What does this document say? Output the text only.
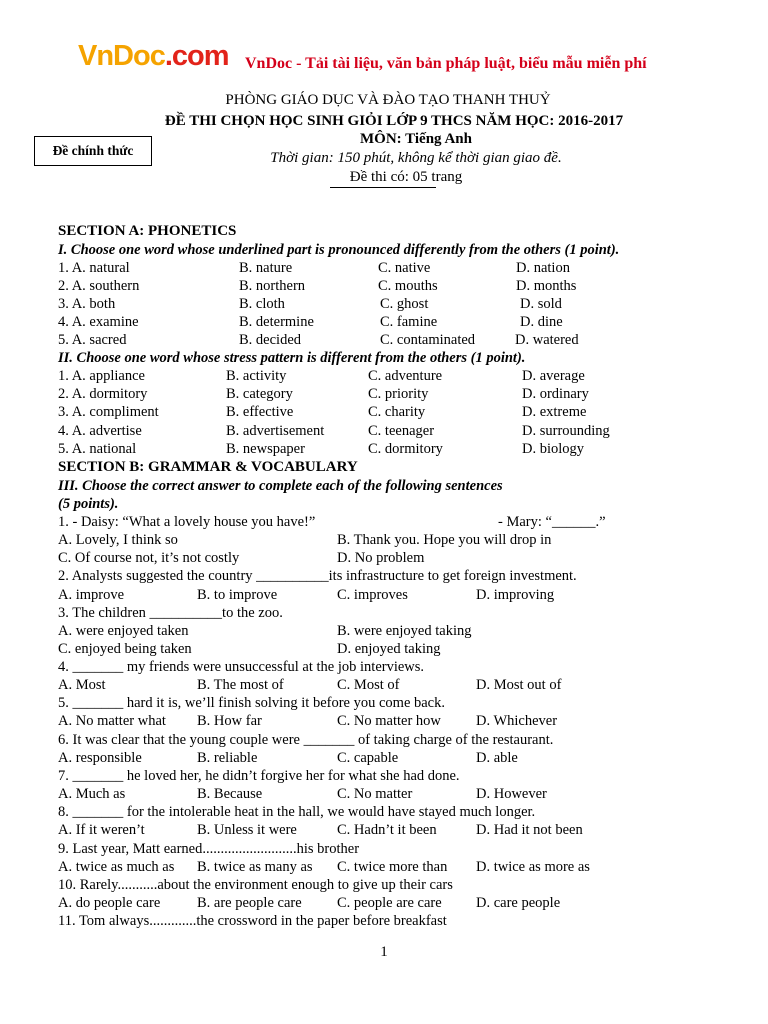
VnDoc.com VnDoc - Tải tài liệu, văn bản pháp luật, biểu mẫu miễn phí
PHÒNG GIÁO DỤC VÀ ĐÀO TẠO THANH THUỶ
ĐỀ THI CHỌN HỌC SINH GIỎI LỚP 9 THCS NĂM HỌC: 2016-2017
MÔN: Tiếng Anh
Thời gian: 150 phút, không kể thời gian giao đề.
Đề thi có: 05 trang
Đề chính thức
SECTION A: PHONETICS
I. Choose one word whose underlined part is pronounced differently from the others (1 point).
1. A. natural	B. nature	C. native	D. nation
2. A. southern	B. northern	C. mouths	D. months
3. A. both	B. cloth	C. ghost	D. sold
4. A. examine	B. determine	C. famine	D. dine
5. A. sacred	B. decided	C. contaminated	D. watered
II. Choose one word whose stress pattern is different from the others (1 point).
1. A. appliance	B. activity	C. adventure	D. average
2. A. dormitory	B. category	C. priority	D. ordinary
3. A. compliment	B. effective	C. charity	D. extreme
4. A. advertise	B. advertisement	C. teenager	D. surrounding
5. A. national	B. newspaper	C. dormitory	D. biology
SECTION B: GRAMMAR & VOCABULARY
III. Choose the correct answer to complete each of the following sentences
(5 points).
1. - Daisy: “What a lovely house you have!”	- Mary: “______.”
A. Lovely, I think so	B. Thank you. Hope you will drop in
C. Of course not, it’s not costly	D. No problem
2. Analysts suggested the country __________its infrastructure to get foreign investment.
A. improve	B. to improve	C. improves	D. improving
3. The children __________to the zoo.
A. were enjoyed taken	B. were enjoyed taking
C. enjoyed being taken	D. enjoyed taking
4. _______ my friends were unsuccessful at the job interviews.
A. Most	B. The most of	C. Most of	D. Most out of
5. _______ hard it is, we’ll finish solving it before you come back.
A. No matter what B. How far	C. No matter how D. Whichever
6. It was clear that the young couple were _______ of taking charge of the restaurant.
A. responsible	B. reliable	C. capable	D. able
7. _______ he loved her, he didn’t forgive her for what she had done.
A. Much as	B. Because	C. No matter	D. However
8. _______ for the intolerable heat in the hall, we would have stayed much longer.
A. If it weren’t	B. Unless it were	C. Hadn’t it been	D. Had it not been
9. Last year, Matt earned..........................his brother
A. twice as much as B. twice as many as C. twice more than D. twice as more as
10. Rarely...........about the environment enough to give up their cars
A. do people care	B. are people care C. people are care D. care people
11. Tom always.............the crossword in the paper before breakfast
1
